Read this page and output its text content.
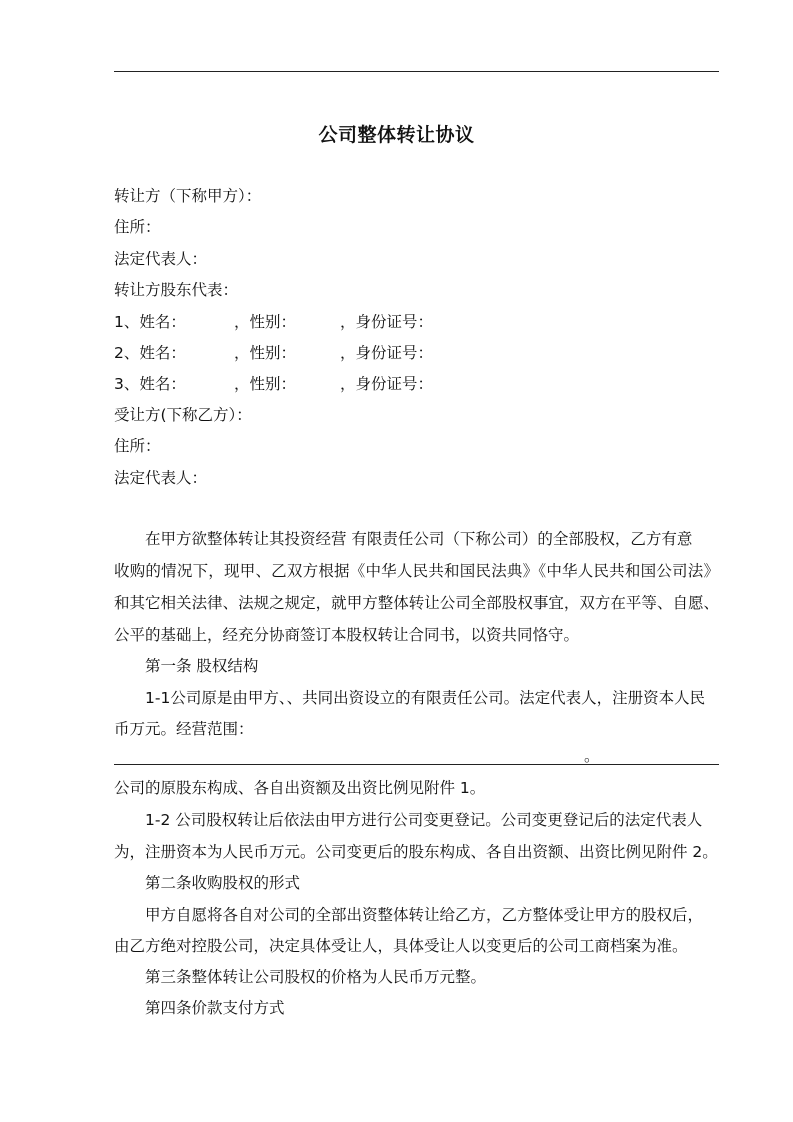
公司整体转让协议
转让方（下称甲方）：
住所：
法定代表人：
转让方股东代表：
1、姓名：	，性别：	，身份证号：
2、姓名：	，性别：	，身份证号：
3、姓名：	，性别：	，身份证号：
受让方(下称乙方）：
住所：
法定代表人：
在甲方欲整体转让其投资经营 有限责任公司（下称公司）的全部股权，乙方有意
收购的情况下，现甲、乙双方根据《中华人民共和国民法典》《中华人民共和国公司法》
和其它相关法律、法规之规定，就甲方整体转让公司全部股权事宜，双方在平等、自愿、
公平的基础上，经充分协商签订本股权转让合同书，以资共同恪守。
第一条 股权结构
1-1公司原是由甲方、、共同出资设立的有限责任公司。法定代表人，注册资本人民
币万元。经营范围：
。
公司的原股东构成、各自出资额及出资比例见附件 1。
1-2 公司股权转让后依法由甲方进行公司变更登记。公司变更登记后的法定代表人
为，注册资本为人民币万元。公司变更后的股东构成、各自出资额、出资比例见附件 2。
第二条收购股权的形式
甲方自愿将各自对公司的全部出资整体转让给乙方，乙方整体受让甲方的股权后，
由乙方绝对控股公司，决定具体受让人，具体受让人以变更后的公司工商档案为准。
第三条整体转让公司股权的价格为人民币万元整。
第四条价款支付方式
